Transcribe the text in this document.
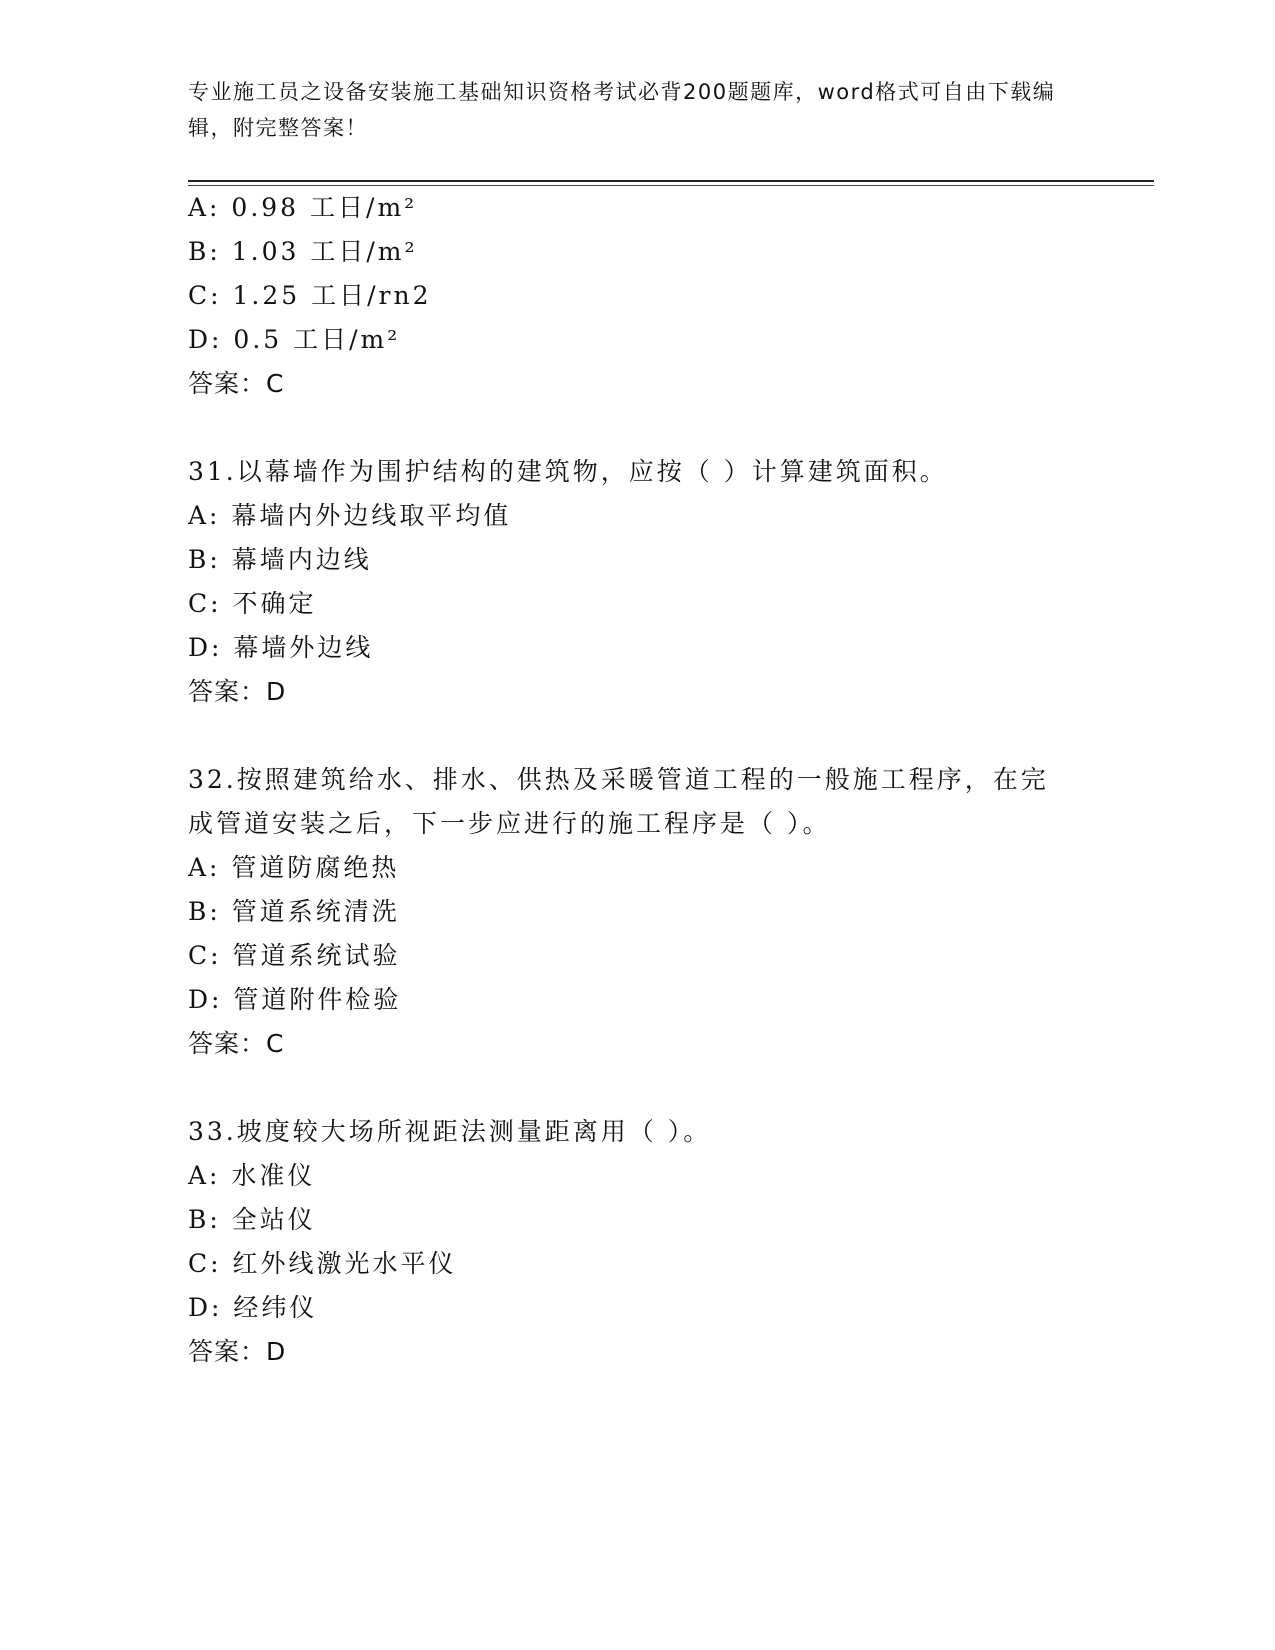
专业施工员之设备安装施工基础知识资格考试必背200题题库，word格式可自由下载编辑，附完整答案！
A: 0.98 工日/m²
B: 1.03 工日/m²
C: 1.25 工日/rn2
D: 0.5 工日/m²
答案：C
31.以幕墙作为围护结构的建筑物，应按（ ）计算建筑面积。
A: 幕墙内外边线取平均值
B: 幕墙内边线
C: 不确定
D: 幕墙外边线
答案：D
32.按照建筑给水、排水、供热及采暖管道工程的一般施工程序，在完
成管道安装之后，下一步应进行的施工程序是（ ）。
A: 管道防腐绝热
B: 管道系统清洗
C: 管道系统试验
D: 管道附件检验
答案：C
33.坡度较大场所视距法测量距离用（ ）。
A: 水准仪
B: 全站仪
C: 红外线激光水平仪
D: 经纬仪
答案：D
